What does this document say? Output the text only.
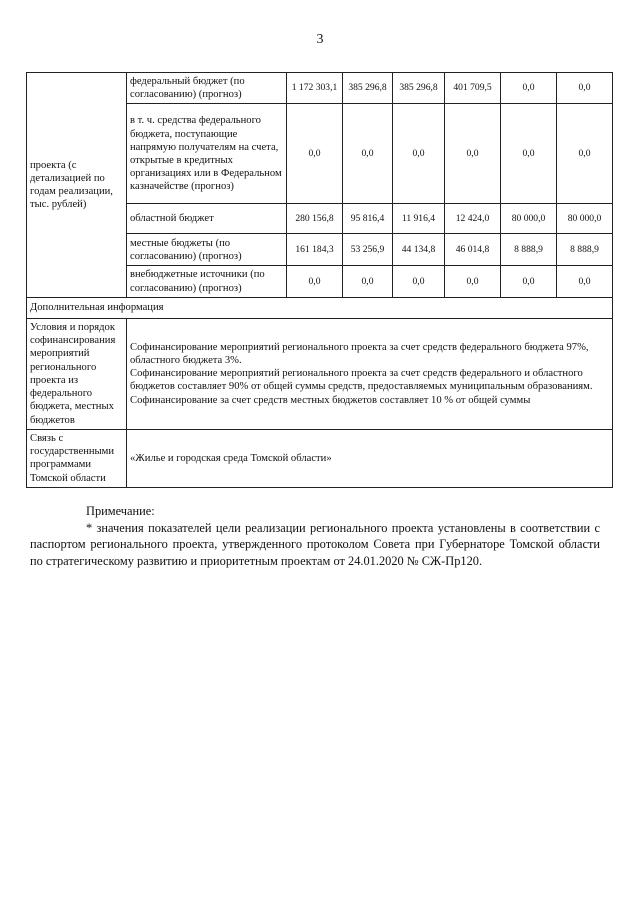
3
проекта (с детализацией по годам реализации, тыс. рублей)	федеральный бюджет (по согласованию) (прогноз)	1 172 303,1	385 296,8	385 296,8	401 709,5	0,0	0,0
	в т. ч. средства федерального бюджета, поступающие напрямую получателям на счета, открытые в кредитных организациях или в Федеральном казначействе (прогноз)	0,0	0,0	0,0	0,0	0,0	0,0
	областной бюджет	280 156,8	95 816,4	11 916,4	12 424,0	80 000,0	80 000,0
	местные бюджеты (по согласованию) (прогноз)	161 184,3	53 256,9	44 134,8	46 014,8	8 888,9	8 888,9
	внебюджетные источники (по согласованию) (прогноз)	0,0	0,0	0,0	0,0	0,0	0,0
Дополнительная информация							
Условия и порядок софинансирования мероприятий регионального проекта из федерального бюджета, местных бюджетов	Софинансирование мероприятий регионального проекта за счет средств федерального бюджета 97%, областного бюджета 3%.

Софинансирование мероприятий регионального проекта за счет средств федерального и областного бюджетов составляет 90% от общей суммы средств, предоставляемых муниципальным образованиям. Софинансирование за счет средств местных бюджетов составляет 10 % от общей суммы						

Связь с государственными программами Томской области	«Жилье и городская среда Томской области»						
Примечание:
* значения показателей цели реализации регионального проекта установлены в соответствии с паспортом регионального проекта, утвержденного протоколом Совета при Губернаторе Томской области по стратегическому развитию и приоритетным проектам от 24.01.2020 № СЖ-Пр120.
